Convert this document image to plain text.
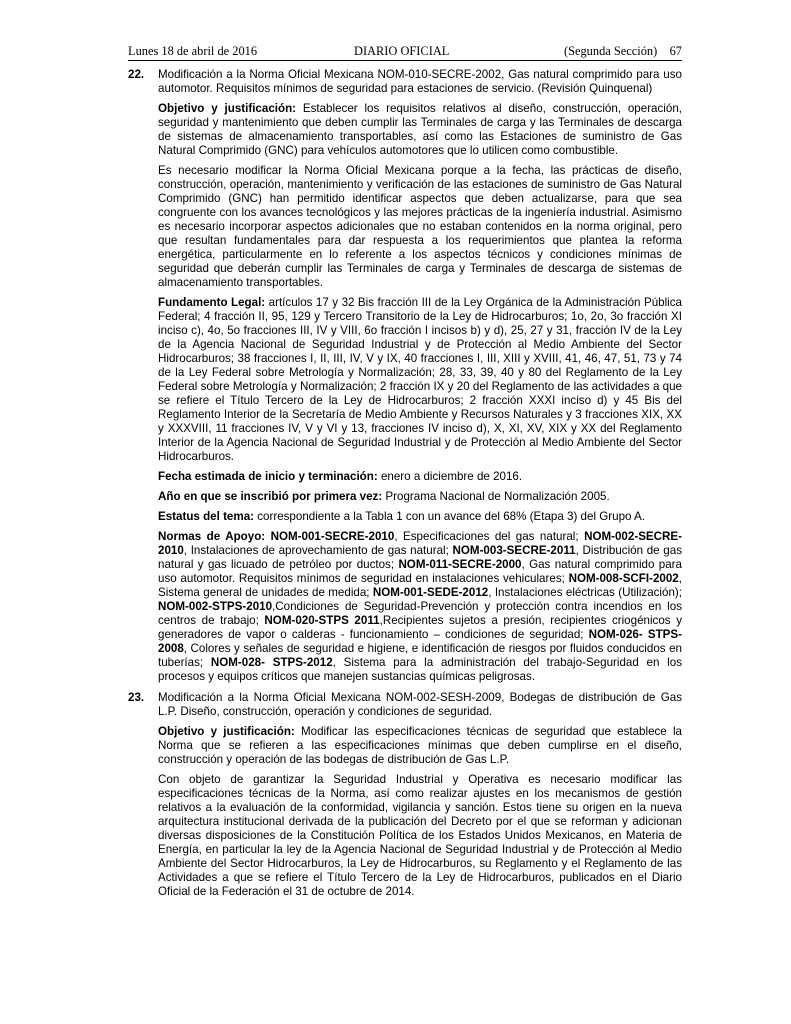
Lunes 18 de abril de 2016	DIARIO OFICIAL	(Segunda Sección) 67
22.	Modificación a la Norma Oficial Mexicana NOM-010-SECRE-2002, Gas natural comprimido para uso automotor. Requisitos mínimos de seguridad para estaciones de servicio. (Revisión Quinquenal)

Objetivo y justificación: Establecer los requisitos relativos al diseño, construcción, operación, seguridad y mantenimiento que deben cumplir las Terminales de carga y las Terminales de descarga de sistemas de almacenamiento transportables, así como las Estaciones de suministro de Gas Natural Comprimido (GNC) para vehículos automotores que lo utilicen como combustible.

Es necesario modificar la Norma Oficial Mexicana porque a la fecha, las prácticas de diseño, construcción, operación, mantenimiento y verificación de las estaciones de suministro de Gas Natural Comprimido (GNC) han permitido identificar aspectos que deben actualizarse, para que sea congruente con los avances tecnológicos y las mejores prácticas de la ingeniería industrial. Asimismo es necesario incorporar aspectos adicionales que no estaban contenidos en la norma original, pero que resultan fundamentales para dar respuesta a los requerimientos que plantea la reforma energética, particularmente en lo referente a los aspectos técnicos y condiciones mínimas de seguridad que deberán cumplir las Terminales de carga y Terminales de descarga de sistemas de almacenamiento transportables.

Fundamento Legal: artículos 17 y 32 Bis fracción III de la Ley Orgánica de la Administración Pública Federal; 4 fracción II, 95, 129 y Tercero Transitorio de la Ley de Hidrocarburos; 1o, 2o, 3o fracción XI inciso c), 4o, 5o fracciones III, IV y VIII, 6o fracción I incisos b) y d), 25, 27 y 31, fracción IV de la Ley de la Agencia Nacional de Seguridad Industrial y de Protección al Medio Ambiente del Sector Hidrocarburos; 38 fracciones I, II, III, IV, V y IX, 40 fracciones I, III, XIII y XVIII, 41, 46, 47, 51, 73 y 74 de la Ley Federal sobre Metrología y Normalización; 28, 33, 39, 40 y 80 del Reglamento de la Ley Federal sobre Metrología y Normalización; 2 fracción IX y 20 del Reglamento de las actividades a que se refiere el Título Tercero de la Ley de Hidrocarburos; 2 fracción XXXI inciso d) y 45 Bis del Reglamento Interior de la Secretaría de Medio Ambiente y Recursos Naturales y 3 fracciones XIX, XX y XXXVIII, 11 fracciones IV, V y VI y 13, fracciones IV inciso d), X, XI, XV, XIX y XX del Reglamento Interior de la Agencia Nacional de Seguridad Industrial y de Protección al Medio Ambiente del Sector Hidrocarburos.

Fecha estimada de inicio y terminación: enero a diciembre de 2016.

Año en que se inscribió por primera vez: Programa Nacional de Normalización 2005.

Estatus del tema: correspondiente a la Tabla 1 con un avance del 68% (Etapa 3) del Grupo A.

Normas de Apoyo: NOM-001-SECRE-2010, Especificaciones del gas natural; NOM-002-SECRE-2010, Instalaciones de aprovechamiento de gas natural; NOM-003-SECRE-2011, Distribución de gas natural y gas licuado de petróleo por ductos; NOM-011-SECRE-2000, Gas natural comprimido para uso automotor. Requisitos mínimos de seguridad en instalaciones vehiculares; NOM-008-SCFI-2002, Sistema general de unidades de medida; NOM-001-SEDE-2012, Instalaciones eléctricas (Utilización); NOM-002-STPS-2010,Condiciones de Seguridad-Prevención y protección contra incendios en los centros de trabajo; NOM-020-STPS 2011,Recipientes sujetos a presión, recipientes criogénicos y generadores de vapor o calderas - funcionamiento – condiciones de seguridad; NOM-026- STPS-2008, Colores y señales de seguridad e higiene, e identificación de riesgos por fluidos conducidos en tuberías; NOM-028- STPS-2012, Sistema para la administración del trabajo-Seguridad en los procesos y equipos críticos que manejen sustancias químicas peligrosas.

23.	Modificación a la Norma Oficial Mexicana NOM-002-SESH-2009, Bodegas de distribución de Gas L.P. Diseño, construcción, operación y condiciones de seguridad.

Objetivo y justificación: Modificar las especificaciones técnicas de seguridad que establece la Norma que se refieren a las especificaciones mínimas que deben cumplirse en el diseño, construcción y operación de las bodegas de distribución de Gas L.P.

Con objeto de garantizar la Seguridad Industrial y Operativa es necesario modificar las especificaciones técnicas de la Norma, así como realizar ajustes en los mecanismos de gestión relativos a la evaluación de la conformidad, vigilancia y sanción. Estos tiene su origen en la nueva arquitectura institucional derivada de la publicación del Decreto por el que se reforman y adicionan diversas disposiciones de la Constitución Política de los Estados Unidos Mexicanos, en Materia de Energía, en particular la ley de la Agencia Nacional de Seguridad Industrial y de Protección al Medio Ambiente del Sector Hidrocarburos, la Ley de Hidrocarburos, su Reglamento y el Reglamento de las Actividades a que se refiere el Título Tercero de la Ley de Hidrocarburos, publicados en el Diario Oficial de la Federación el 31 de octubre de 2014.
